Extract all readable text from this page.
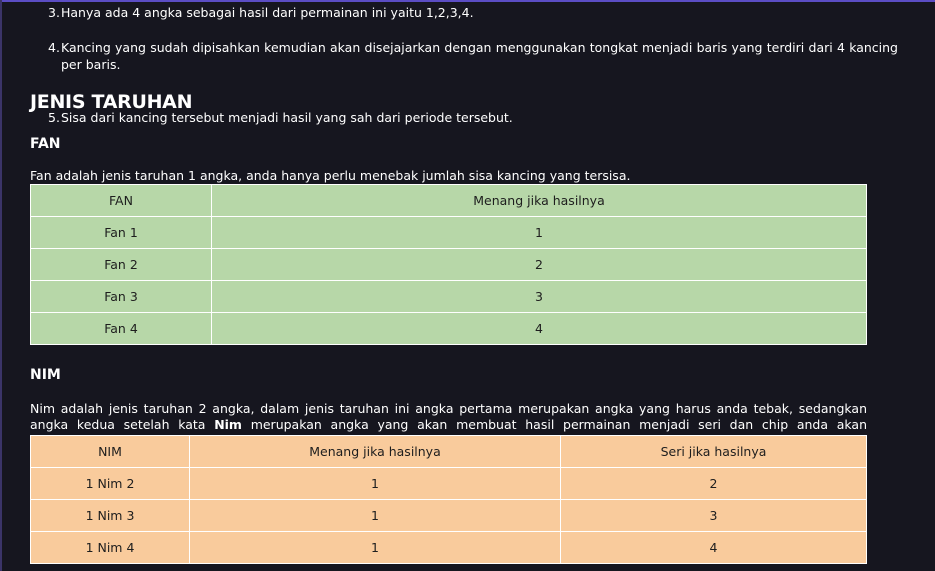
3. Hanya ada 4 angka sebagai hasil dari permainan ini yaitu 1,2,3,4.
4. Kancing yang sudah dipisahkan kemudian akan disejajarkan dengan menggunakan tongkat menjadi baris yang terdiri dari 4 kancing per baris.
5. Sisa dari kancing tersebut menjadi hasil yang sah dari periode tersebut.
JENIS TARUHAN
FAN

Fan adalah jenis taruhan 1 angka, anda hanya perlu menebak jumlah sisa kancing yang tersisa.

FAN	Menang jika hasilnya
Fan 1	1
Fan 2	2
Fan 3	3
Fan 4	4
NIM

Nim adalah jenis taruhan 2 angka, dalam jenis taruhan ini angka pertama merupakan angka yang harus anda tebak, sedangkan angka kedua setelah kata Nim merupakan angka yang akan membuat hasil permainan menjadi seri dan chip anda akan

NIM	Menang jika hasilnya	Seri jika hasilnya
1 Nim 2	1	2
1 Nim 3	1	3
1 Nim 4	1	4
